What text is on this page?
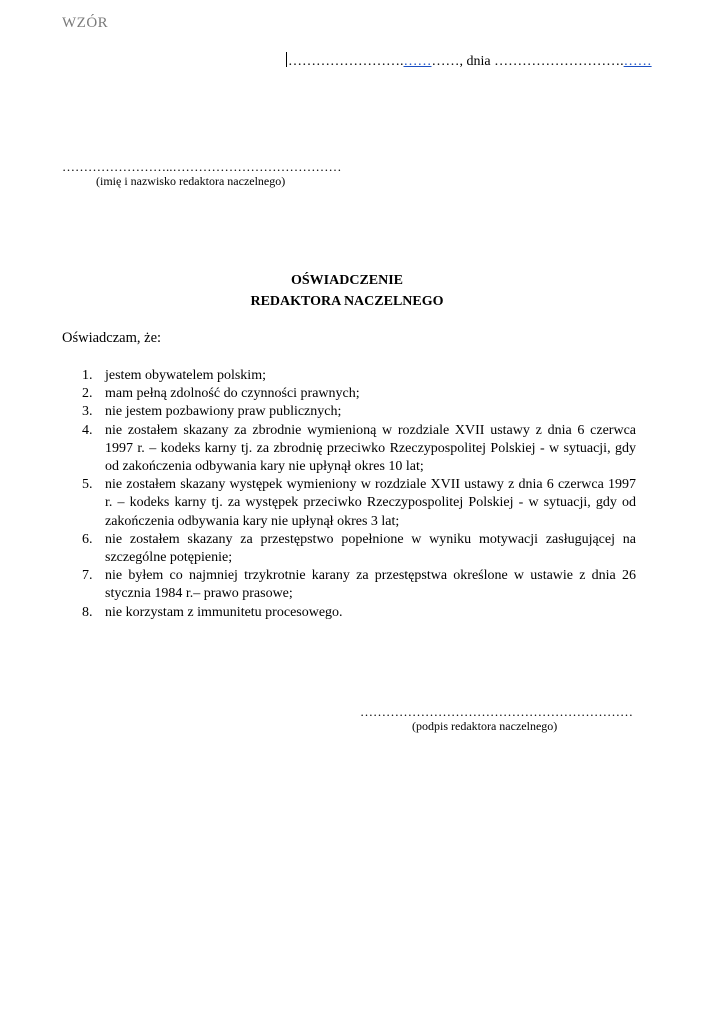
WZÓR
…………………….…………, dnia ……………………….……
……………………..…………………………………
(imię i nazwisko redaktora naczelnego)
OŚWIADCZENIE
REDAKTORA NACZELNEGO
Oświadczam, że:
1. jestem obywatelem polskim;
2. mam pełną zdolność do czynności prawnych;
3. nie jestem pozbawiony praw publicznych;
4. nie zostałem skazany za zbrodnie wymienioną w rozdziale XVII ustawy z dnia 6 czerwca 1997 r. – kodeks karny tj. za zbrodnię przeciwko Rzeczypospolitej Polskiej - w sytuacji, gdy od zakończenia odbywania kary nie upłynął okres 10 lat;
5. nie zostałem skazany występek wymieniony w rozdziale XVII ustawy z dnia 6 czerwca 1997 r. – kodeks karny tj. za występek przeciwko Rzeczypospolitej Polskiej - w sytuacji, gdy od zakończenia odbywania kary nie upłynął okres 3 lat;
6. nie zostałem skazany za przestępstwo popełnione w wyniku motywacji zasługującej na szczególne potępienie;
7. nie byłem co najmniej trzykrotnie karany za przestępstwa określone w ustawie z dnia 26 stycznia 1984 r.– prawo prasowe;
8. nie korzystam z immunitetu procesowego.
………………………………………………………
(podpis redaktora naczelnego)
